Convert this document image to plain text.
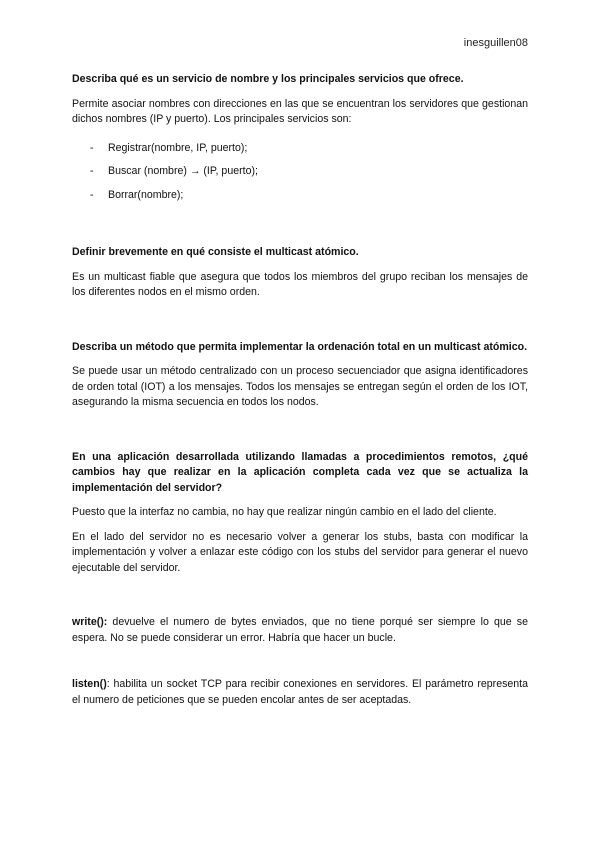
inesguillen08
Describa qué es un servicio de nombre y los principales servicios que ofrece.
Permite asociar nombres con direcciones en las que se encuentran los servidores que gestionan dichos nombres (IP y puerto). Los principales servicios son:
- Registrar(nombre, IP, puerto);
- Buscar (nombre) → (IP, puerto);
- Borrar(nombre);
Definir brevemente en qué consiste el multicast atómico.
Es un multicast fiable que asegura que todos los miembros del grupo reciban los mensajes de los diferentes nodos en el mismo orden.
Describa un método que permita implementar la ordenación total en un multicast atómico.
Se puede usar un método centralizado con un proceso secuenciador que asigna identificadores de orden total (IOT) a los mensajes. Todos los mensajes se entregan según el orden de los IOT, asegurando la misma secuencia en todos los nodos.
En una aplicación desarrollada utilizando llamadas a procedimientos remotos, ¿qué cambios hay que realizar en la aplicación completa cada vez que se actualiza la implementación del servidor?
Puesto que la interfaz no cambia, no hay que realizar ningún cambio en el lado del cliente.
En el lado del servidor no es necesario volver a generar los stubs, basta con modificar la implementación y volver a enlazar este código con los stubs del servidor para generar el nuevo ejecutable del servidor.
write(): devuelve el numero de bytes enviados, que no tiene porqué ser siempre lo que se espera. No se puede considerar un error. Habría que hacer un bucle.
listen(): habilita un socket TCP para recibir conexiones en servidores. El parámetro representa el numero de peticiones que se pueden encolar antes de ser aceptadas.
